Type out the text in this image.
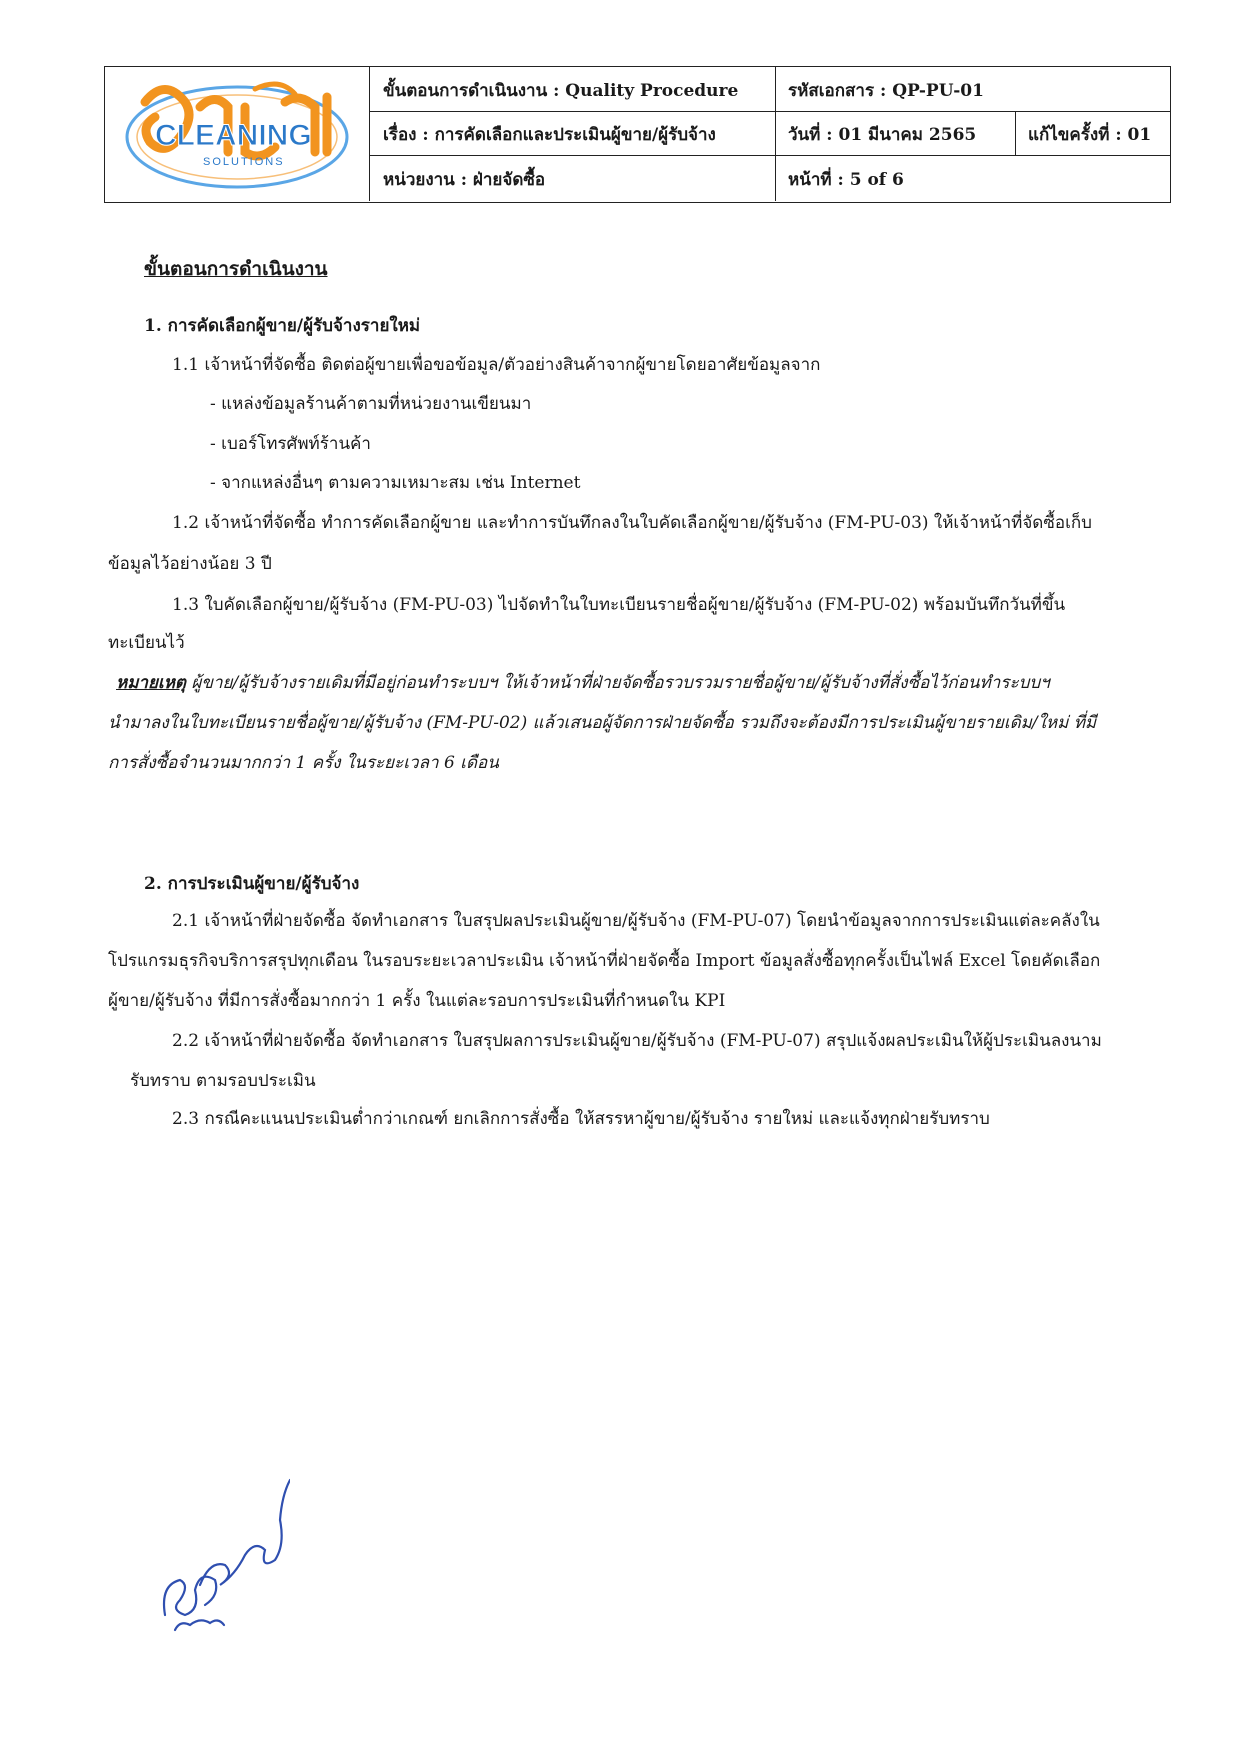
CLEANING
SOLUTIONS
ขั้นตอนการดำเนินงาน : Quality Procedure	รหัสเอกสาร : QP-PU-01
เรื่อง : การคัดเลือกและประเมินผู้ขาย/ผู้รับจ้าง	วันที่ : 01 มีนาคม 2565	แก้ไขครั้งที่ : 01
หน่วยงาน : ฝ่ายจัดซื้อ	หน้าที่ : 5 of 6
ขั้นตอนการดำเนินงาน
1. การคัดเลือกผู้ขาย/ผู้รับจ้างรายใหม่
1.1 เจ้าหน้าที่จัดซื้อ ติดต่อผู้ขายเพื่อขอข้อมูล/ตัวอย่างสินค้าจากผู้ขายโดยอาศัยข้อมูลจาก
- แหล่งข้อมูลร้านค้าตามที่หน่วยงานเขียนมา
- เบอร์โทรศัพท์ร้านค้า
- จากแหล่งอื่นๆ ตามความเหมาะสม เช่น Internet
1.2 เจ้าหน้าที่จัดซื้อ ทำการคัดเลือกผู้ขาย และทำการบันทึกลงในใบคัดเลือกผู้ขาย/ผู้รับจ้าง (FM-PU-03) ให้เจ้าหน้าที่จัดซื้อเก็บ
ข้อมูลไว้อย่างน้อย 3 ปี
1.3 ใบคัดเลือกผู้ขาย/ผู้รับจ้าง (FM-PU-03) ไปจัดทำในใบทะเบียนรายชื่อผู้ขาย/ผู้รับจ้าง (FM-PU-02) พร้อมบันทึกวันที่ขึ้น
ทะเบียนไว้
หมายเหตุ ผู้ขาย/ผู้รับจ้างรายเดิมที่มีอยู่ก่อนทำระบบฯ ให้เจ้าหน้าที่ฝ่ายจัดซื้อรวบรวมรายชื่อผู้ขาย/ผู้รับจ้างที่สั่งซื้อไว้ก่อนทำระบบฯ
นำมาลงในใบทะเบียนรายชื่อผู้ขาย/ผู้รับจ้าง (FM-PU-02) แล้วเสนอผู้จัดการฝ่ายจัดซื้อ รวมถึงจะต้องมีการประเมินผู้ขายรายเดิม/ใหม่ ที่มี
การสั่งซื้อจำนวนมากกว่า 1 ครั้ง ในระยะเวลา 6 เดือน
2. การประเมินผู้ขาย/ผู้รับจ้าง
2.1 เจ้าหน้าที่ฝ่ายจัดซื้อ จัดทำเอกสาร ใบสรุปผลประเมินผู้ขาย/ผู้รับจ้าง (FM-PU-07) โดยนำข้อมูลจากการประเมินแต่ละคลังใน
โปรแกรมธุรกิจบริการสรุปทุกเดือน ในรอบระยะเวลาประเมิน เจ้าหน้าที่ฝ่ายจัดซื้อ Import ข้อมูลสั่งซื้อทุกครั้งเป็นไฟล์ Excel โดยคัดเลือก
ผู้ขาย/ผู้รับจ้าง ที่มีการสั่งซื้อมากกว่า 1 ครั้ง ในแต่ละรอบการประเมินที่กำหนดใน KPI
2.2 เจ้าหน้าที่ฝ่ายจัดซื้อ จัดทำเอกสาร ใบสรุปผลการประเมินผู้ขาย/ผู้รับจ้าง (FM-PU-07) สรุปแจ้งผลประเมินให้ผู้ประเมินลงนาม
รับทราบ ตามรอบประเมิน
2.3 กรณีคะแนนประเมินต่ำกว่าเกณฑ์ ยกเลิกการสั่งซื้อ ให้สรรหาผู้ขาย/ผู้รับจ้าง รายใหม่ และแจ้งทุกฝ่ายรับทราบ
